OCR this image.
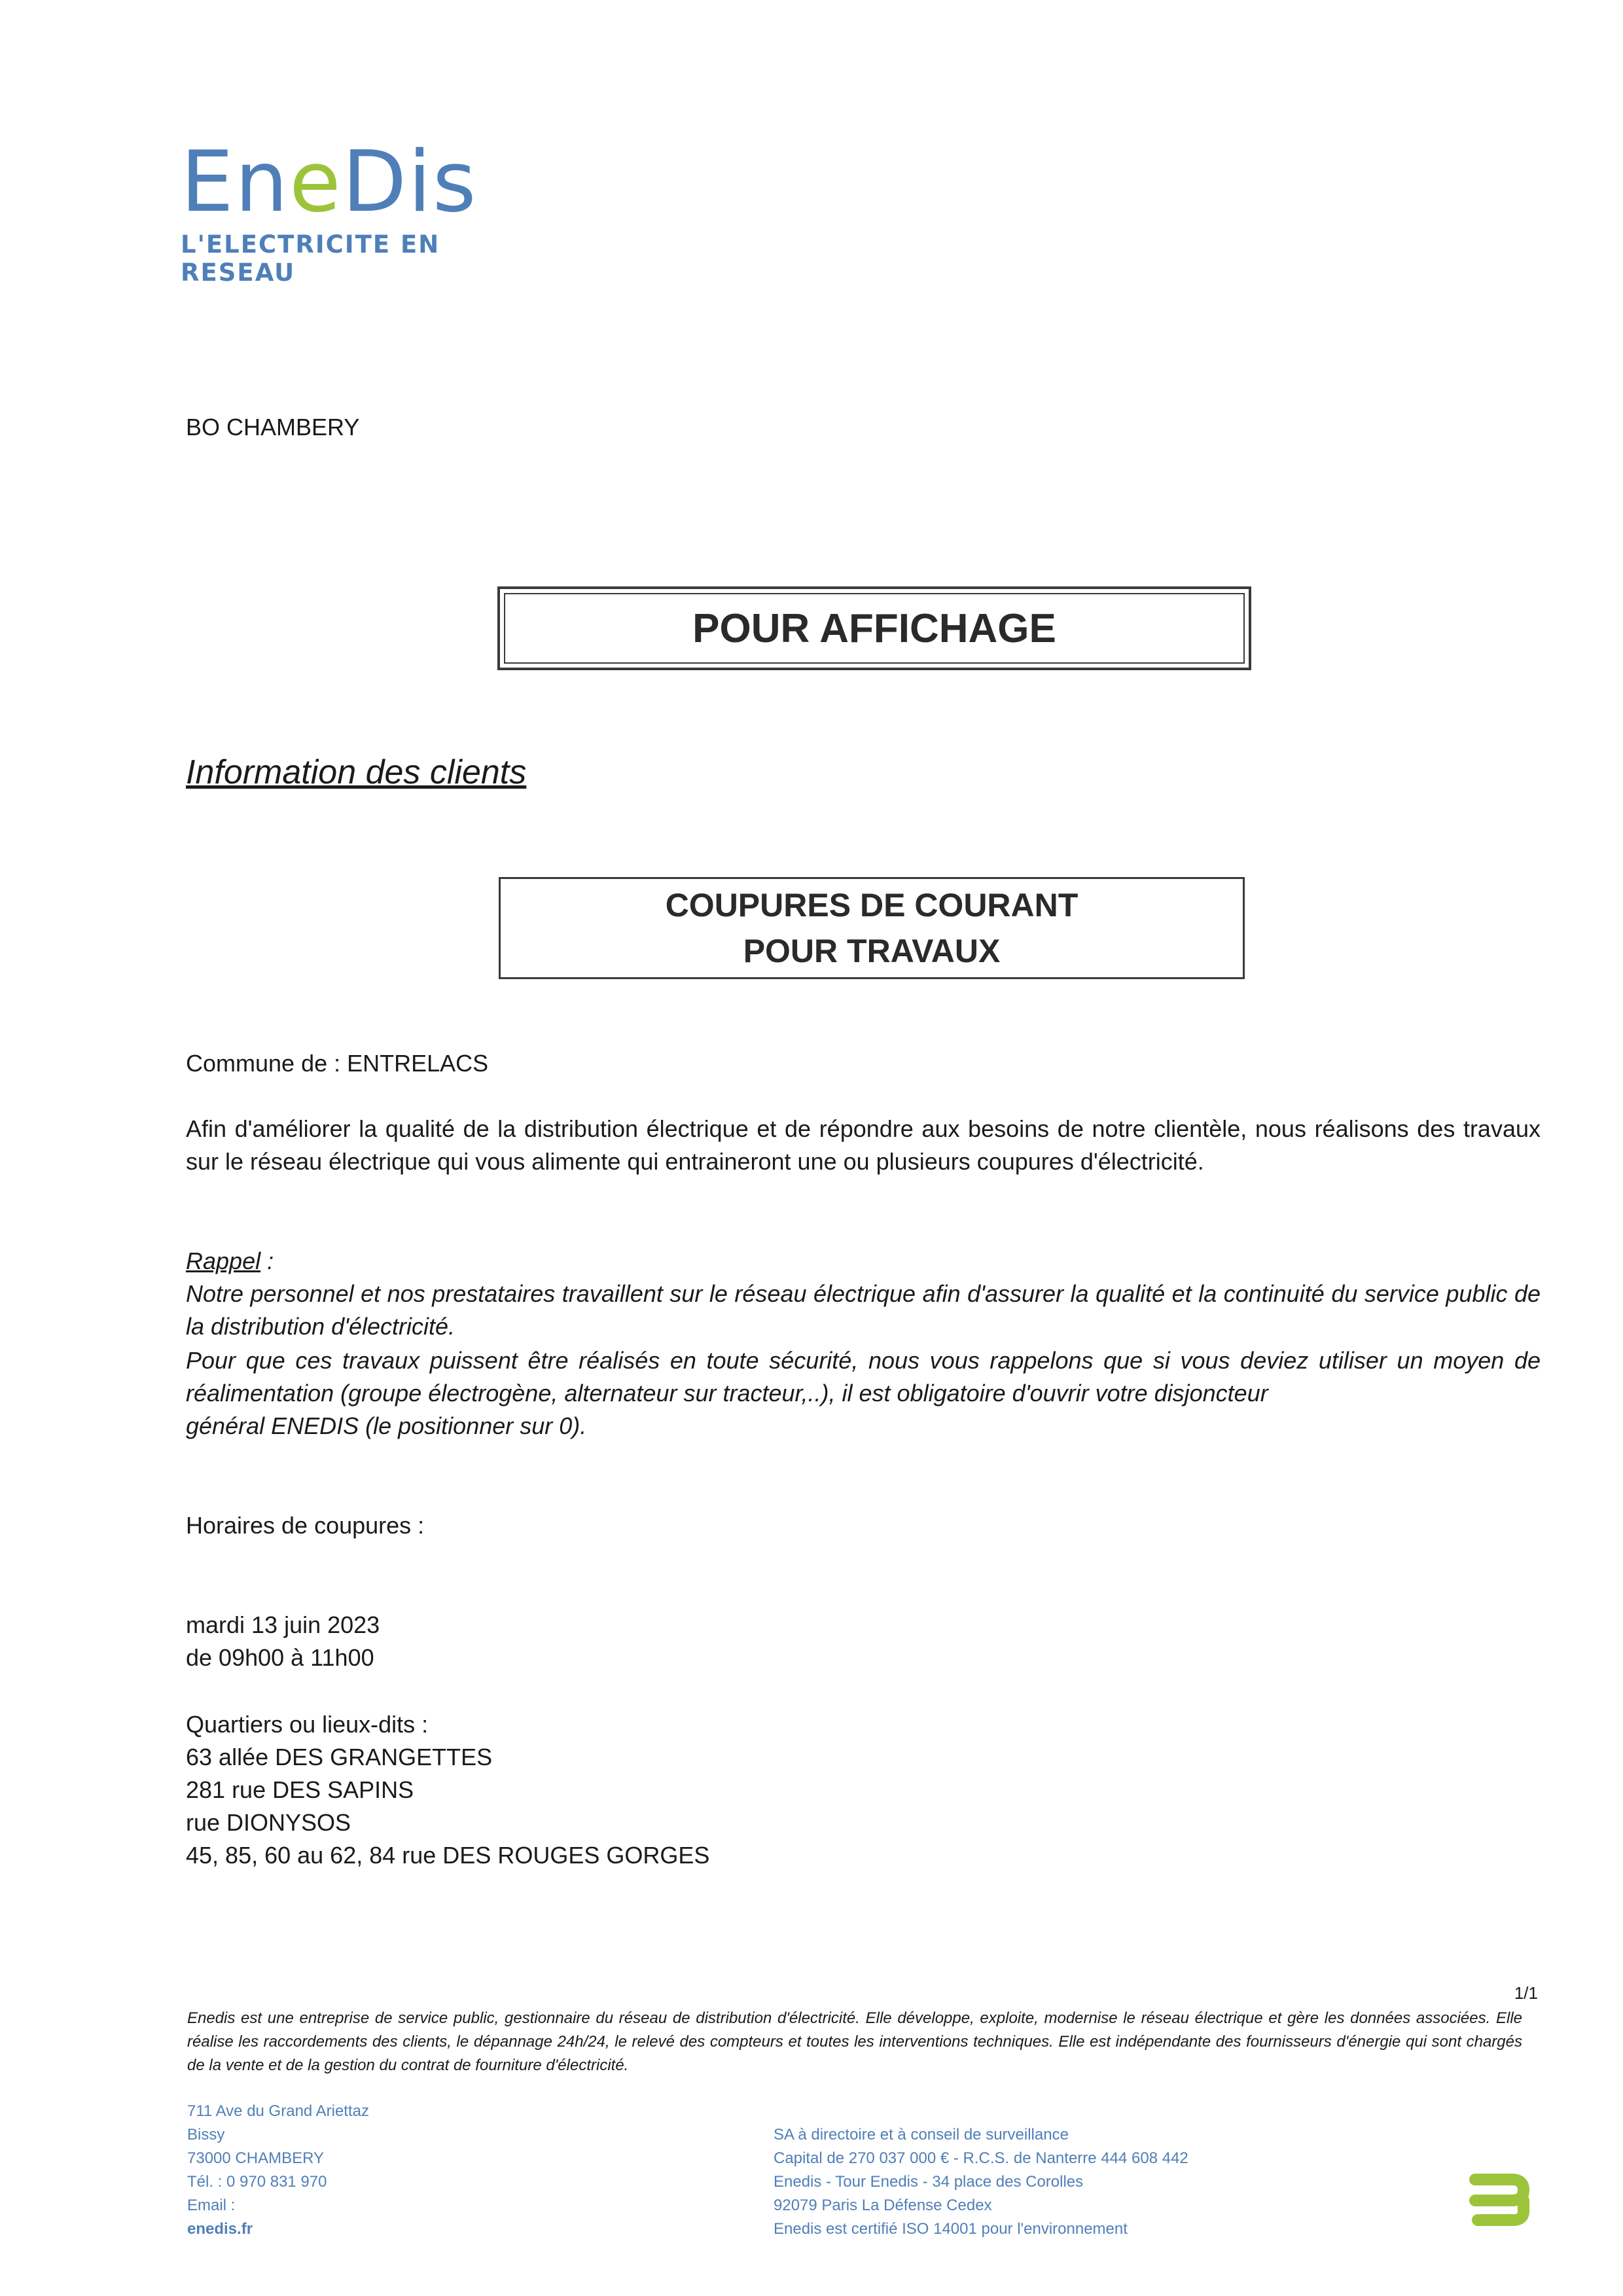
En e Dis
L'ELECTRICITE EN RESEAU
BO CHAMBERY
POUR AFFICHAGE
Information des clients
COUPURES DE COURANT
POUR TRAVAUX
Commune de : ENTRELACS
Afin d'améliorer la qualité de la distribution électrique et de répondre aux besoins de notre clientèle, nous réalisons des travaux sur le réseau électrique qui vous alimente qui entraineront une ou plusieurs coupures d'électricité.
Rappel :
Notre personnel et nos prestataires travaillent sur le réseau électrique afin d'assurer la qualité et la continuité du service public de la distribution d'électricité.
Pour que ces travaux puissent être réalisés en toute sécurité, nous vous rappelons que si vous deviez utiliser un moyen de réalimentation (groupe électrogène, alternateur sur tracteur,..), il est obligatoire d'ouvrir votre disjoncteur
général ENEDIS (le positionner sur 0).
Horaires de coupures :
mardi 13 juin 2023
de 09h00 à 11h00
Quartiers ou lieux-dits :
63 allée DES GRANGETTES
281 rue DES SAPINS
rue DIONYSOS
45, 85, 60 au 62, 84 rue DES ROUGES GORGES
1/1
Enedis est une entreprise de service public, gestionnaire du réseau de distribution d'électricité. Elle développe, exploite, modernise le réseau électrique et gère les données associées. Elle réalise les raccordements des clients, le dépannage 24h/24, le relevé des compteurs et toutes les interventions techniques. Elle est indépendante des fournisseurs d'énergie qui sont chargés de la vente et de la gestion du contrat de fourniture d'électricité.
711 Ave du Grand Ariettaz
Bissy
73000 CHAMBERY
Tél. : 0 970 831 970
Email :
enedis.fr
SA à directoire et à conseil de surveillance
Capital de 270 037 000 € - R.C.S. de Nanterre 444 608 442
Enedis - Tour Enedis - 34 place des Corolles
92079 Paris La Défense Cedex
Enedis est certifié ISO 14001 pour l'environnement
